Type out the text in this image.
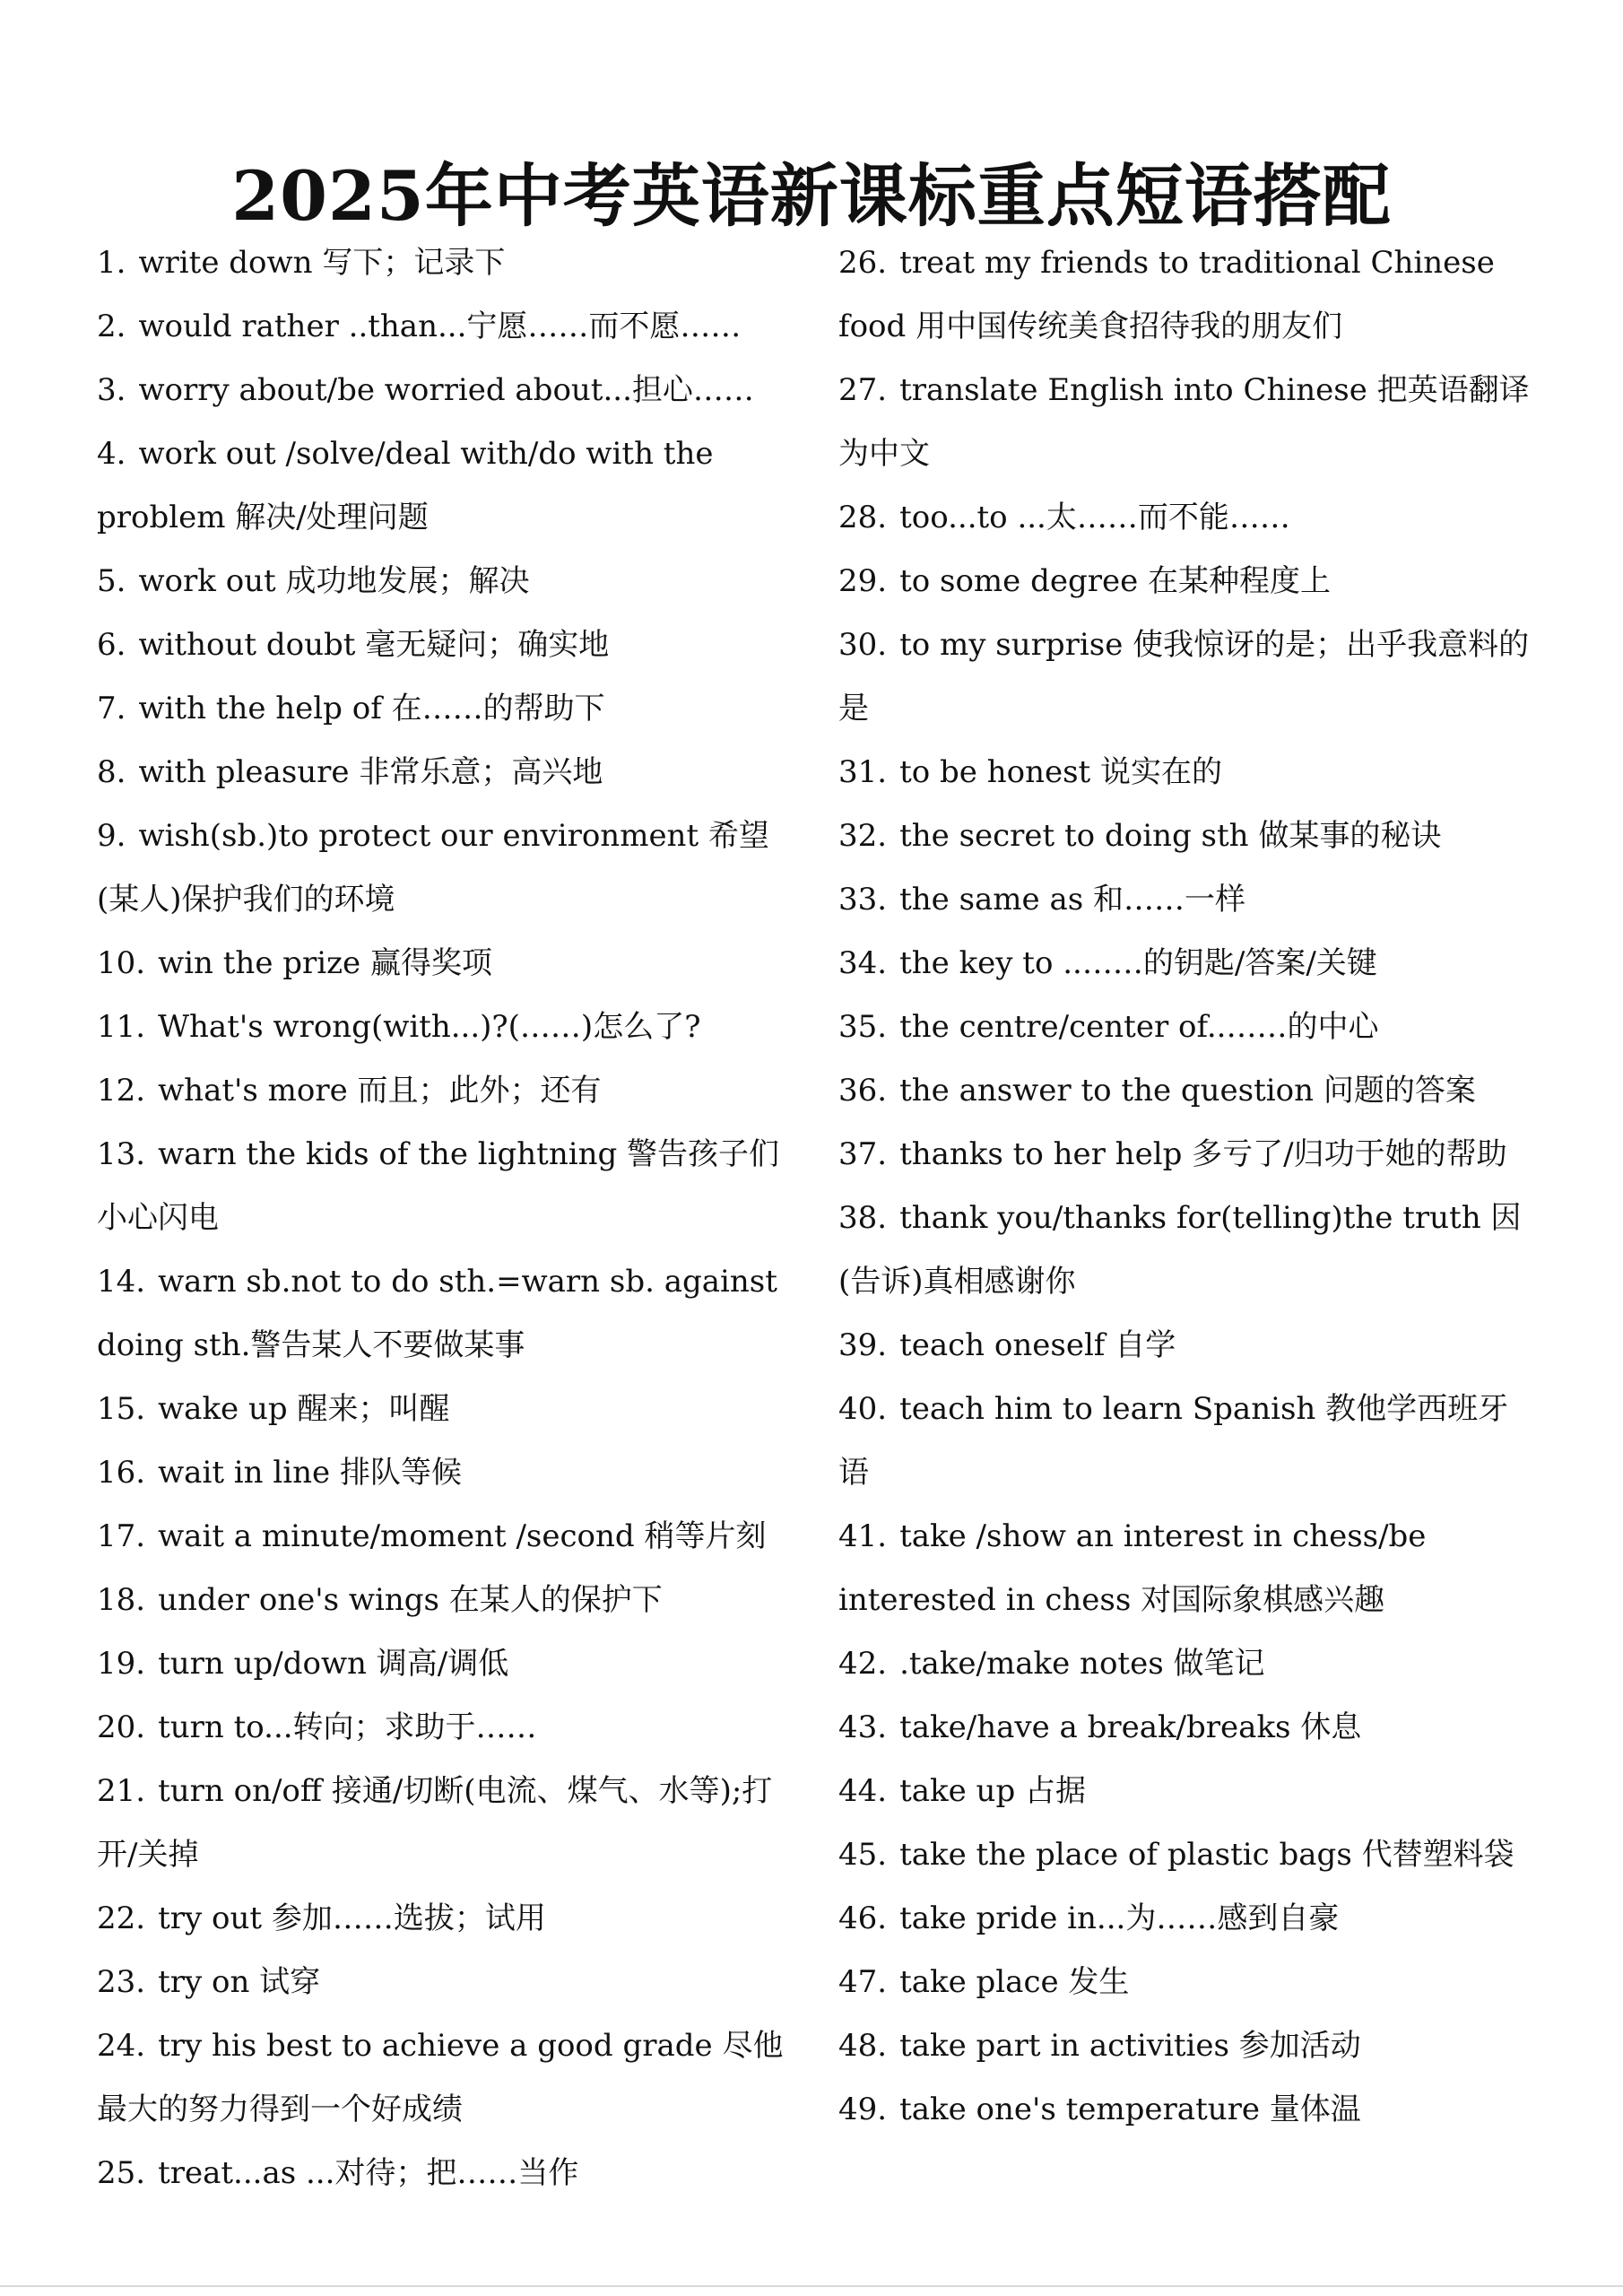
2025年中考英语新课标重点短语搭配
1. write down 写下；记录下
2. would rather ..than...宁愿……而不愿……
3. worry about/be worried about...担心……
4. work out /solve/deal with/do with the problem 解决/处理问题
5. work out 成功地发展；解决
6. without doubt 毫无疑问；确实地
7. with the help of 在……的帮助下
8. with pleasure 非常乐意；高兴地
9. wish(sb.)to protect our environment 希望(某人)保护我们的环境
10. win the prize 赢得奖项
11. What's wrong(with...)?(……)怎么了?
12. what's more 而且；此外；还有
13. warn the kids of the lightning 警告孩子们小心闪电
14. warn sb.not to do sth.=warn sb. against doing sth.警告某人不要做某事
15. wake up 醒来；叫醒
16. wait in line 排队等候
17. wait a minute/moment /second 稍等片刻
18. under one's wings 在某人的保护下
19. turn up/down 调高/调低
20. turn to...转向；求助于……
21. turn on/off 接通/切断(电流、煤气、水等);打开/关掉
22. try out 参加……选拔；试用
23. try on 试穿
24. try his best to achieve a good grade 尽他最大的努力得到一个好成绩
25. treat...as ...对待；把……当作
26. treat my friends to traditional Chinese food 用中国传统美食招待我的朋友们
27. translate English into Chinese 把英语翻译为中文
28. too...to ...太……而不能……
29. to some degree 在某种程度上
30. to my surprise 使我惊讶的是；出乎我意料的是
31. to be honest 说实在的
32. the secret to doing sth 做某事的秘诀
33. the same as 和……一样
34. the key to ..……的钥匙/答案/关键
35. the centre/center of..……的中心
36. the answer to the question 问题的答案
37. thanks to her help 多亏了/归功于她的帮助
38. thank you/thanks for(telling)the truth 因(告诉)真相感谢你
39. teach oneself 自学
40. teach him to learn Spanish 教他学西班牙语
41. take /show an interest in chess/be interested in chess 对国际象棋感兴趣
42. .take/make notes 做笔记
43. take/have a break/breaks 休息
44. take up 占据
45. take the place of plastic bags 代替塑料袋
46. take pride in...为……感到自豪
47. take place 发生
48. take part in activities 参加活动
49. take one's temperature 量体温
